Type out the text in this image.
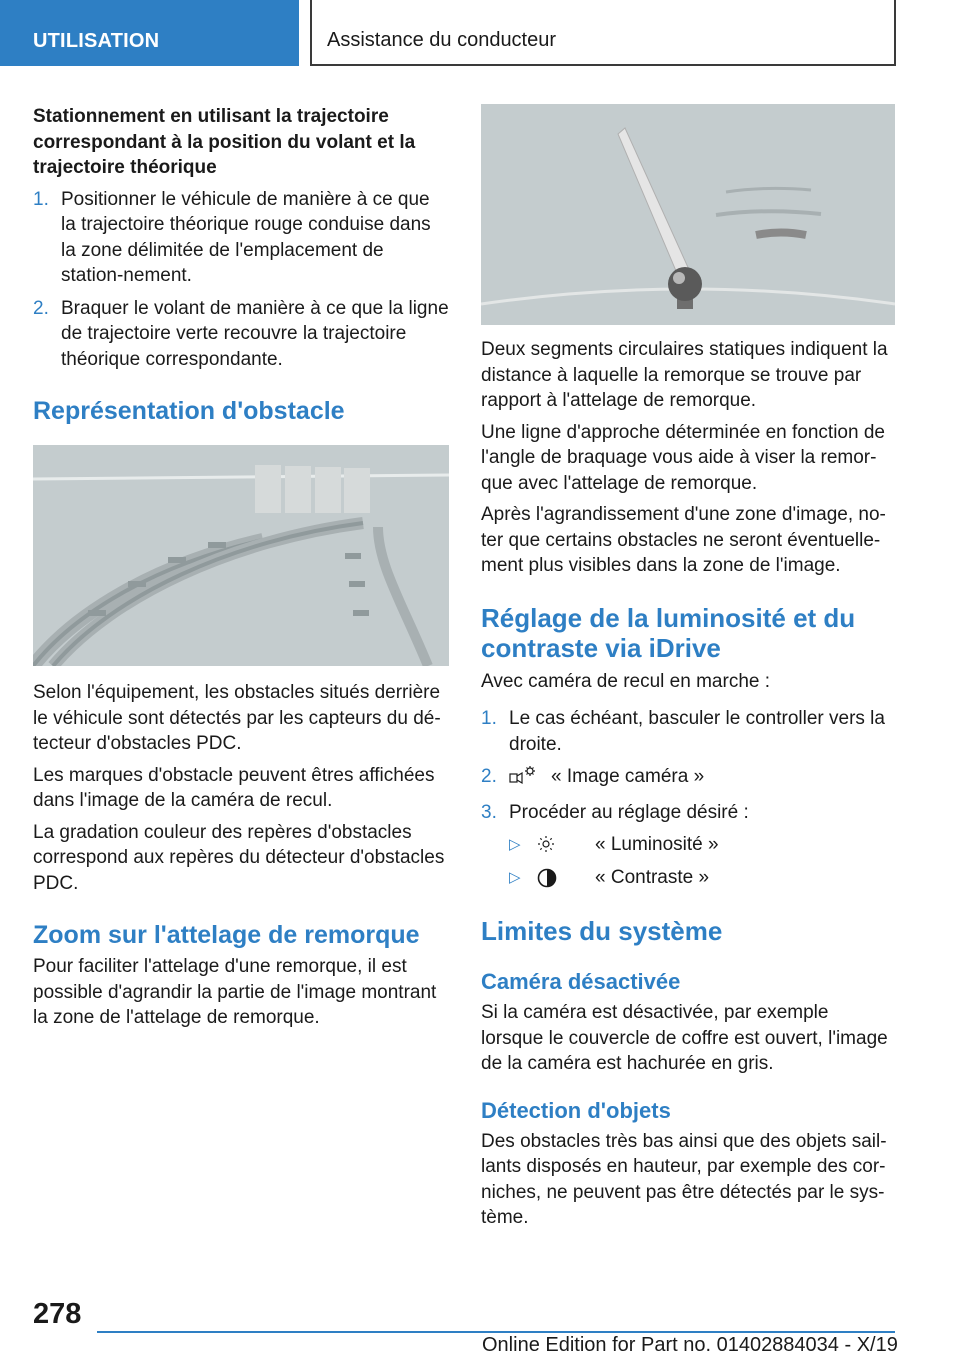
UTILISATION	Assistance du conducteur
Stationnement en utilisant la trajectoire correspondant à la position du volant et la trajectoire théorique
1. Positionner le véhicule de manière à ce que la trajectoire théorique rouge conduise dans la zone délimitée de l'emplacement de station-nement.
2. Braquer le volant de manière à ce que la ligne de trajectoire verte recouvre la trajectoire théorique correspondante.
Représentation d'obstacle

Selon l'équipement, les obstacles situés derrière le véhicule sont détectés par les capteurs du dé-tecteur d'obstacles PDC.

Les marques d'obstacle peuvent êtres affichées dans l'image de la caméra de recul.

La gradation couleur des repères d'obstacles correspond aux repères du détecteur d'obstacles PDC.

Zoom sur l'attelage de remorque

Pour faciliter l'attelage d'une remorque, il est possible d'agrandir la partie de l'image montrant la zone de l'attelage de remorque.

Deux segments circulaires statiques indiquent la distance à laquelle la remorque se trouve par rapport à l'attelage de remorque.

Une ligne d'approche déterminée en fonction de l'angle de braquage vous aide à viser la remor-que avec l'attelage de remorque.

Après l'agrandissement d'une zone d'image, no-ter que certains obstacles ne seront éventuelle-ment plus visibles dans la zone de l'image.

Réglage de la luminosité et du contraste via iDrive

Avec caméra de recul en marche :

1. Le cas échéant, basculer le controller vers la droite.
2.	« Image caméra »
3. Procéder au réglage désiré :
▷	« Luminosité »
▷	« Contraste »
Limites du système
Caméra désactivée

Si la caméra est désactivée, par exemple lorsque le couvercle de coffre est ouvert, l'image de la caméra est hachurée en gris.

Détection d'objets

Des obstacles très bas ainsi que des objets sail-lants disposés en hauteur, par exemple des cor-niches, ne peuvent pas être détectés par le sys-tème.

278
Online Edition for Part no. 01402884034 - X/19
